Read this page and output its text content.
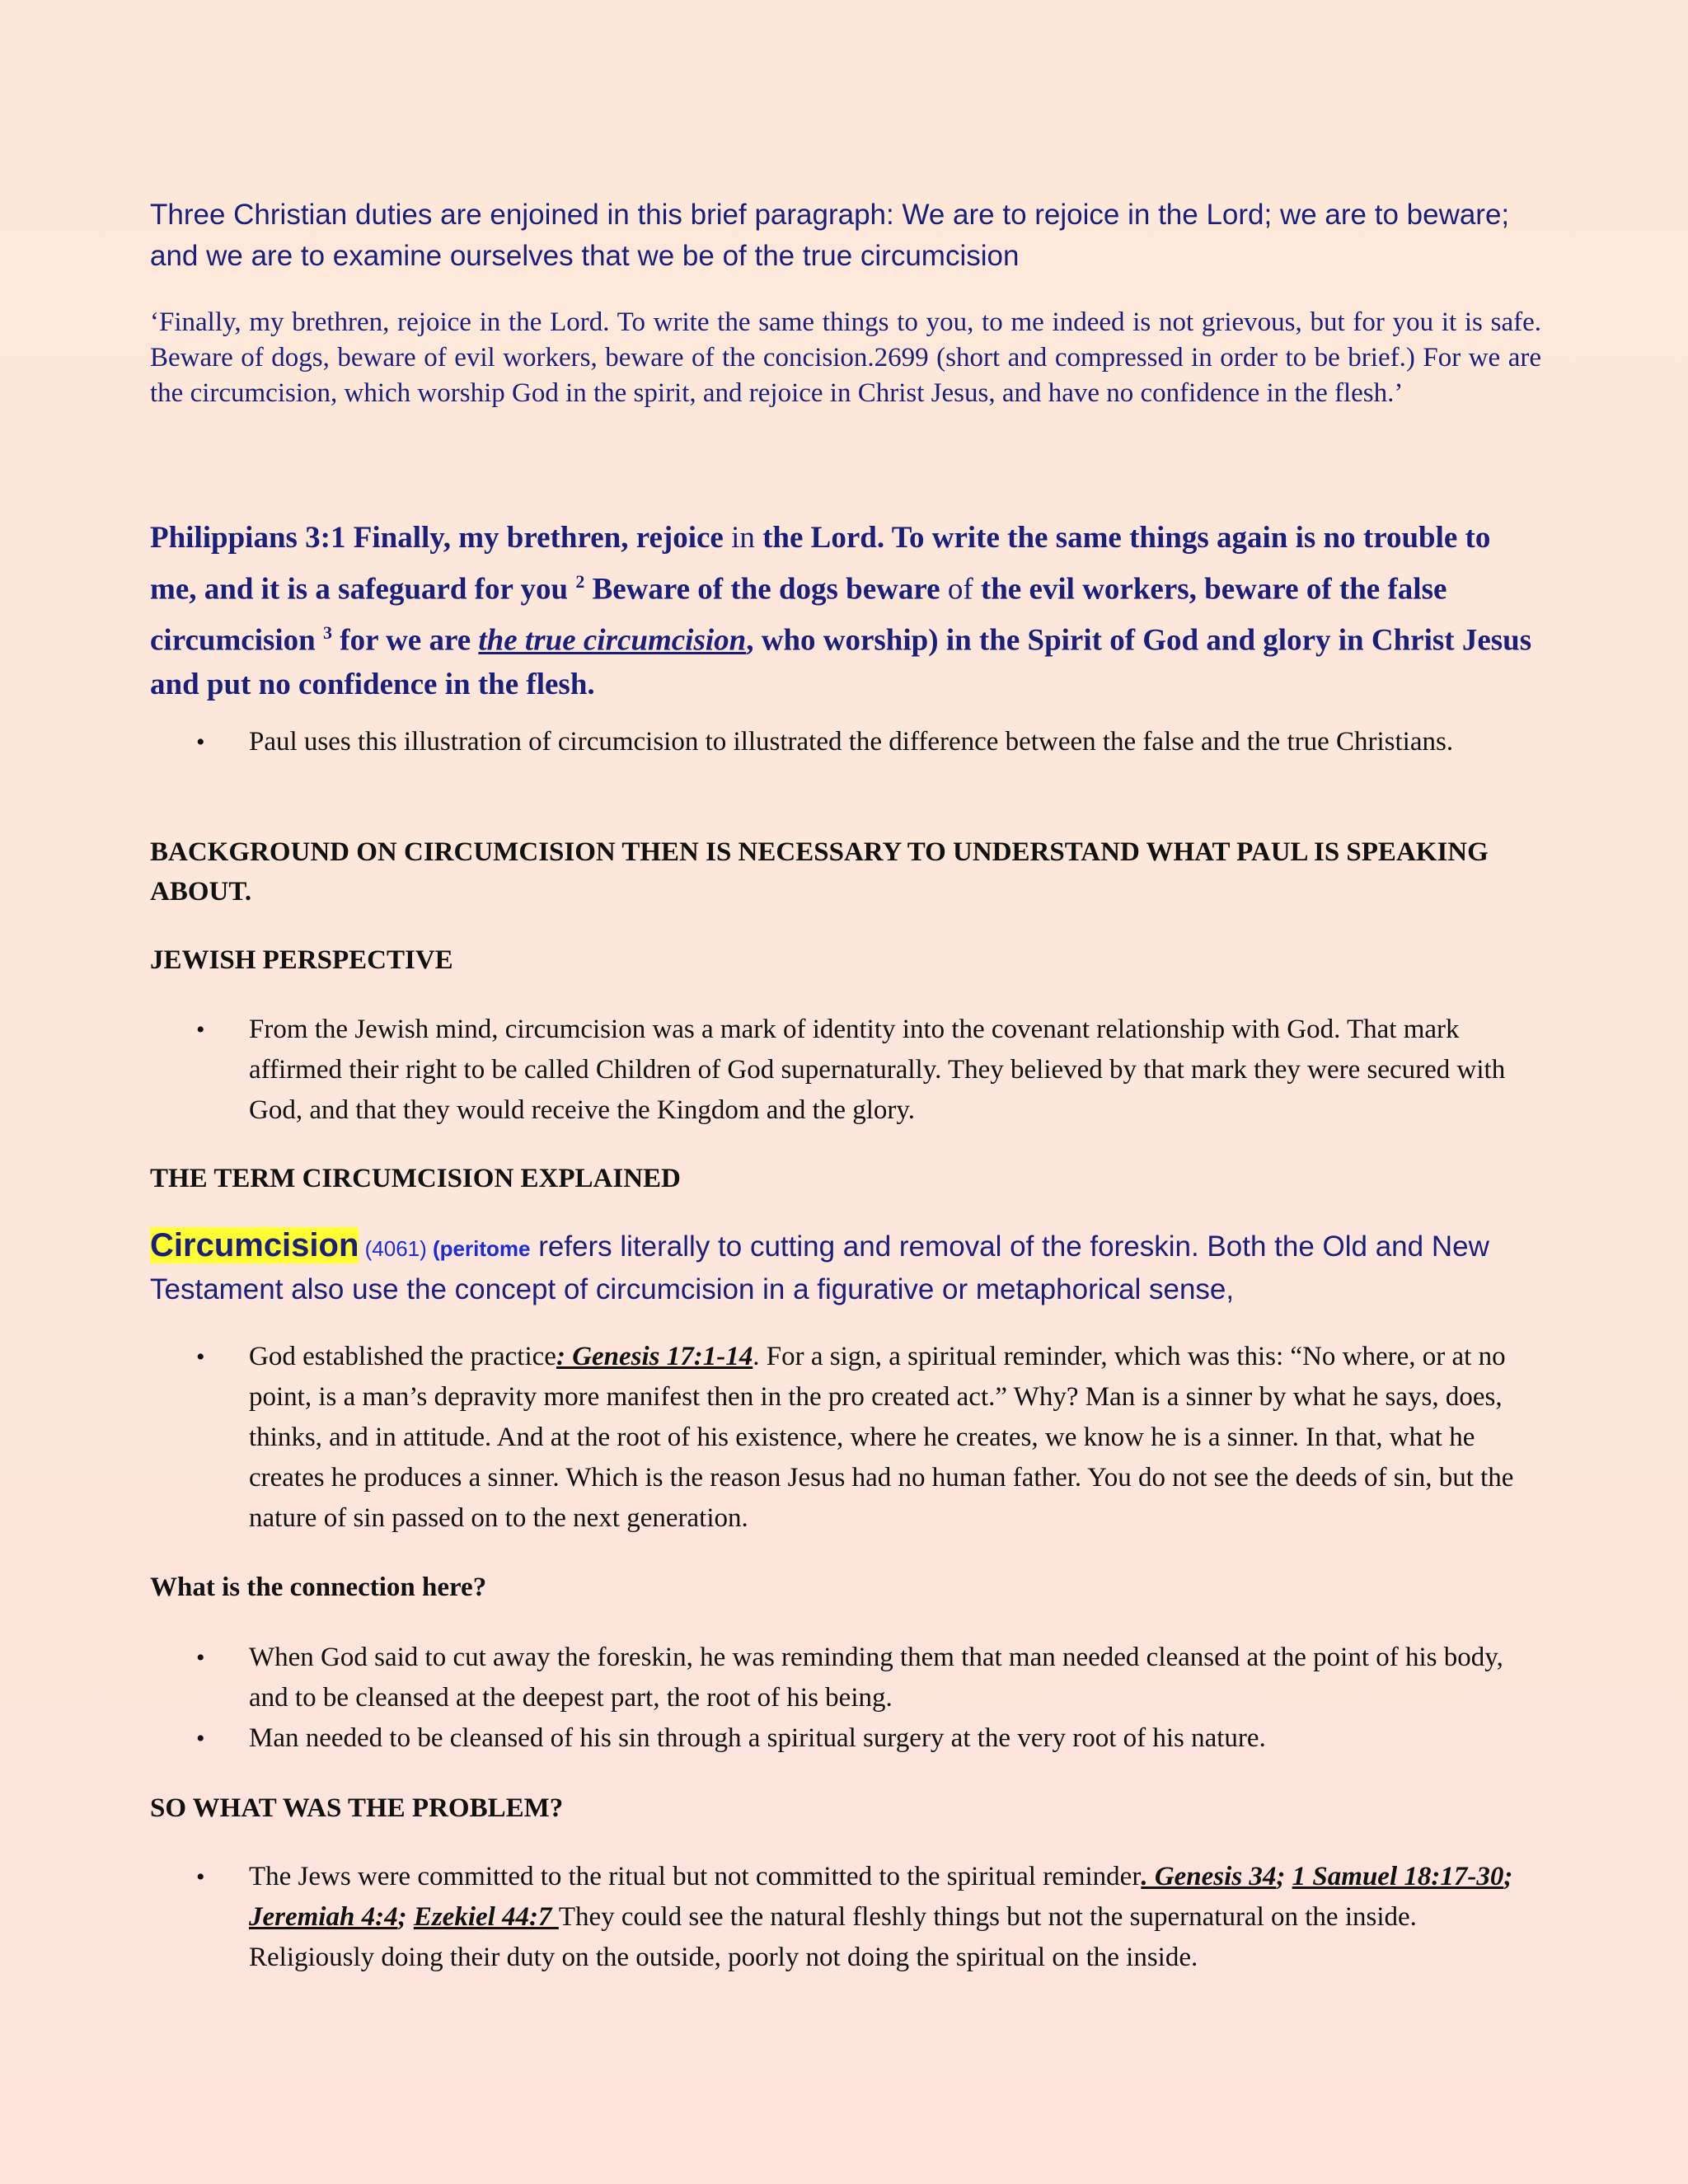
Three Christian duties are enjoined in this brief paragraph: We are to rejoice in the Lord; we are to beware; and we are to examine ourselves that we be of the true circumcision

‘Finally, my brethren, rejoice in the Lord. To write the same things to you, to me indeed is not grievous, but for you it is safe. Beware of dogs, beware of evil workers, beware of the concision.2699 (short and compressed in order to be brief.) For we are the circumcision, which worship God in the spirit, and rejoice in Christ Jesus, and have no confidence in the flesh.’

Philippians 3:1 Finally, my brethren, rejoice in the Lord. To write the same things again is no trouble to me, and it is a safeguard for you $^2$ Beware of the dogs beware of the evil workers, beware of the false circumcision $^3$ for we are the true circumcision, who worship) in the Spirit of God and glory in Christ Jesus and put no confidence in the flesh.

• Paul uses this illustration of circumcision to illustrated the difference between the false and the true Christians.
BACKGROUND ON CIRCUMCISION THEN IS NECESSARY TO UNDERSTAND WHAT PAUL IS SPEAKING ABOUT.
JEWISH PERSPECTIVE
• From the Jewish mind, circumcision was a mark of identity into the covenant relationship with God. That mark affirmed their right to be called Children of God supernaturally. They believed by that mark they were secured with God, and that they would receive the Kingdom and the glory.
THE TERM CIRCUMCISION EXPLAINED

Circumcision (4061) (peritome refers literally to cutting and removal of the foreskin. Both the Old and New Testament also use the concept of circumcision in a figurative or metaphorical sense,

• God established the practice: Genesis 17:1-14. For a sign, a spiritual reminder, which was this: “No where, or at no point, is a man’s depravity more manifest then in the pro created act.” Why? Man is a sinner by what he says, does, thinks, and in attitude. And at the root of his existence, where he creates, we know he is a sinner. In that, what he creates he produces a sinner. Which is the reason Jesus had no human father. You do not see the deeds of sin, but the nature of sin passed on to the next generation.
What is the connection here?
• When God said to cut away the foreskin, he was reminding them that man needed cleansed at the point of his body, and to be cleansed at the deepest part, the root of his being.
• Man needed to be cleansed of his sin through a spiritual surgery at the very root of his nature.
SO WHAT WAS THE PROBLEM?
• The Jews were committed to the ritual but not committed to the spiritual reminder. Genesis 34; 1 Samuel 18:17-30; Jeremiah 4:4; Ezekiel 44:7 They could see the natural fleshly things but not the supernatural on the inside. Religiously doing their duty on the outside, poorly not doing the spiritual on the inside.
